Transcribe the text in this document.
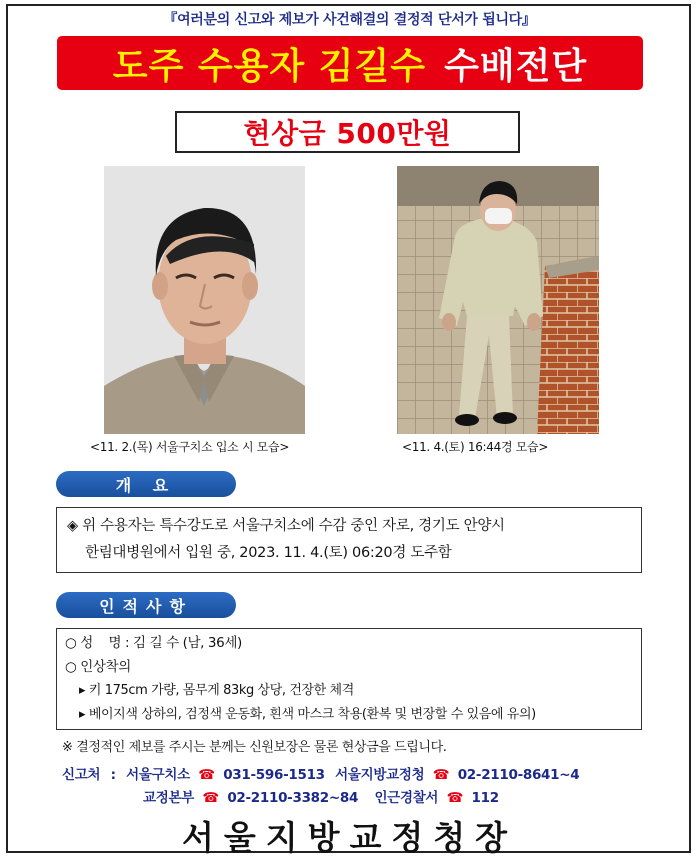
『여러분의 신고와 제보가 사건해결의 결정적 단서가 됩니다』
도주 수용자 김길수 수배전단
현상금 500만원
<11. 2.(목) 서울구치소 입소 시 모습>	<11. 4.(토) 16:44경 모습>
개 요
◈ 위 수용자는 특수강도로 서울구치소에 수감 중인 자로, 경기도 안양시
한림대병원에서 입원 중, 2023. 11. 4.(토) 06:20경 도주함
인적사항
○ 성    명 : 김 길 수 (남, 36세)
○ 인상착의
▸ 키 175cm 가량, 몸무게 83kg 상당, 건장한 체격
▸ 베이지색 상하의, 검정색 운동화, 흰색 마스크 착용(환복 및 변장할 수 있음에 유의)
※ 결정적인 제보를 주시는 분께는 신원보장은 물론 현상금을 드립니다.
신고처 : 서울구치소 ☎ 031-596-1513 서울지방교정청 ☎ 02-2110-8641~4
교정본부 ☎ 02-2110-3382~84 인근경찰서 ☎ 112
서울지방교정청장
